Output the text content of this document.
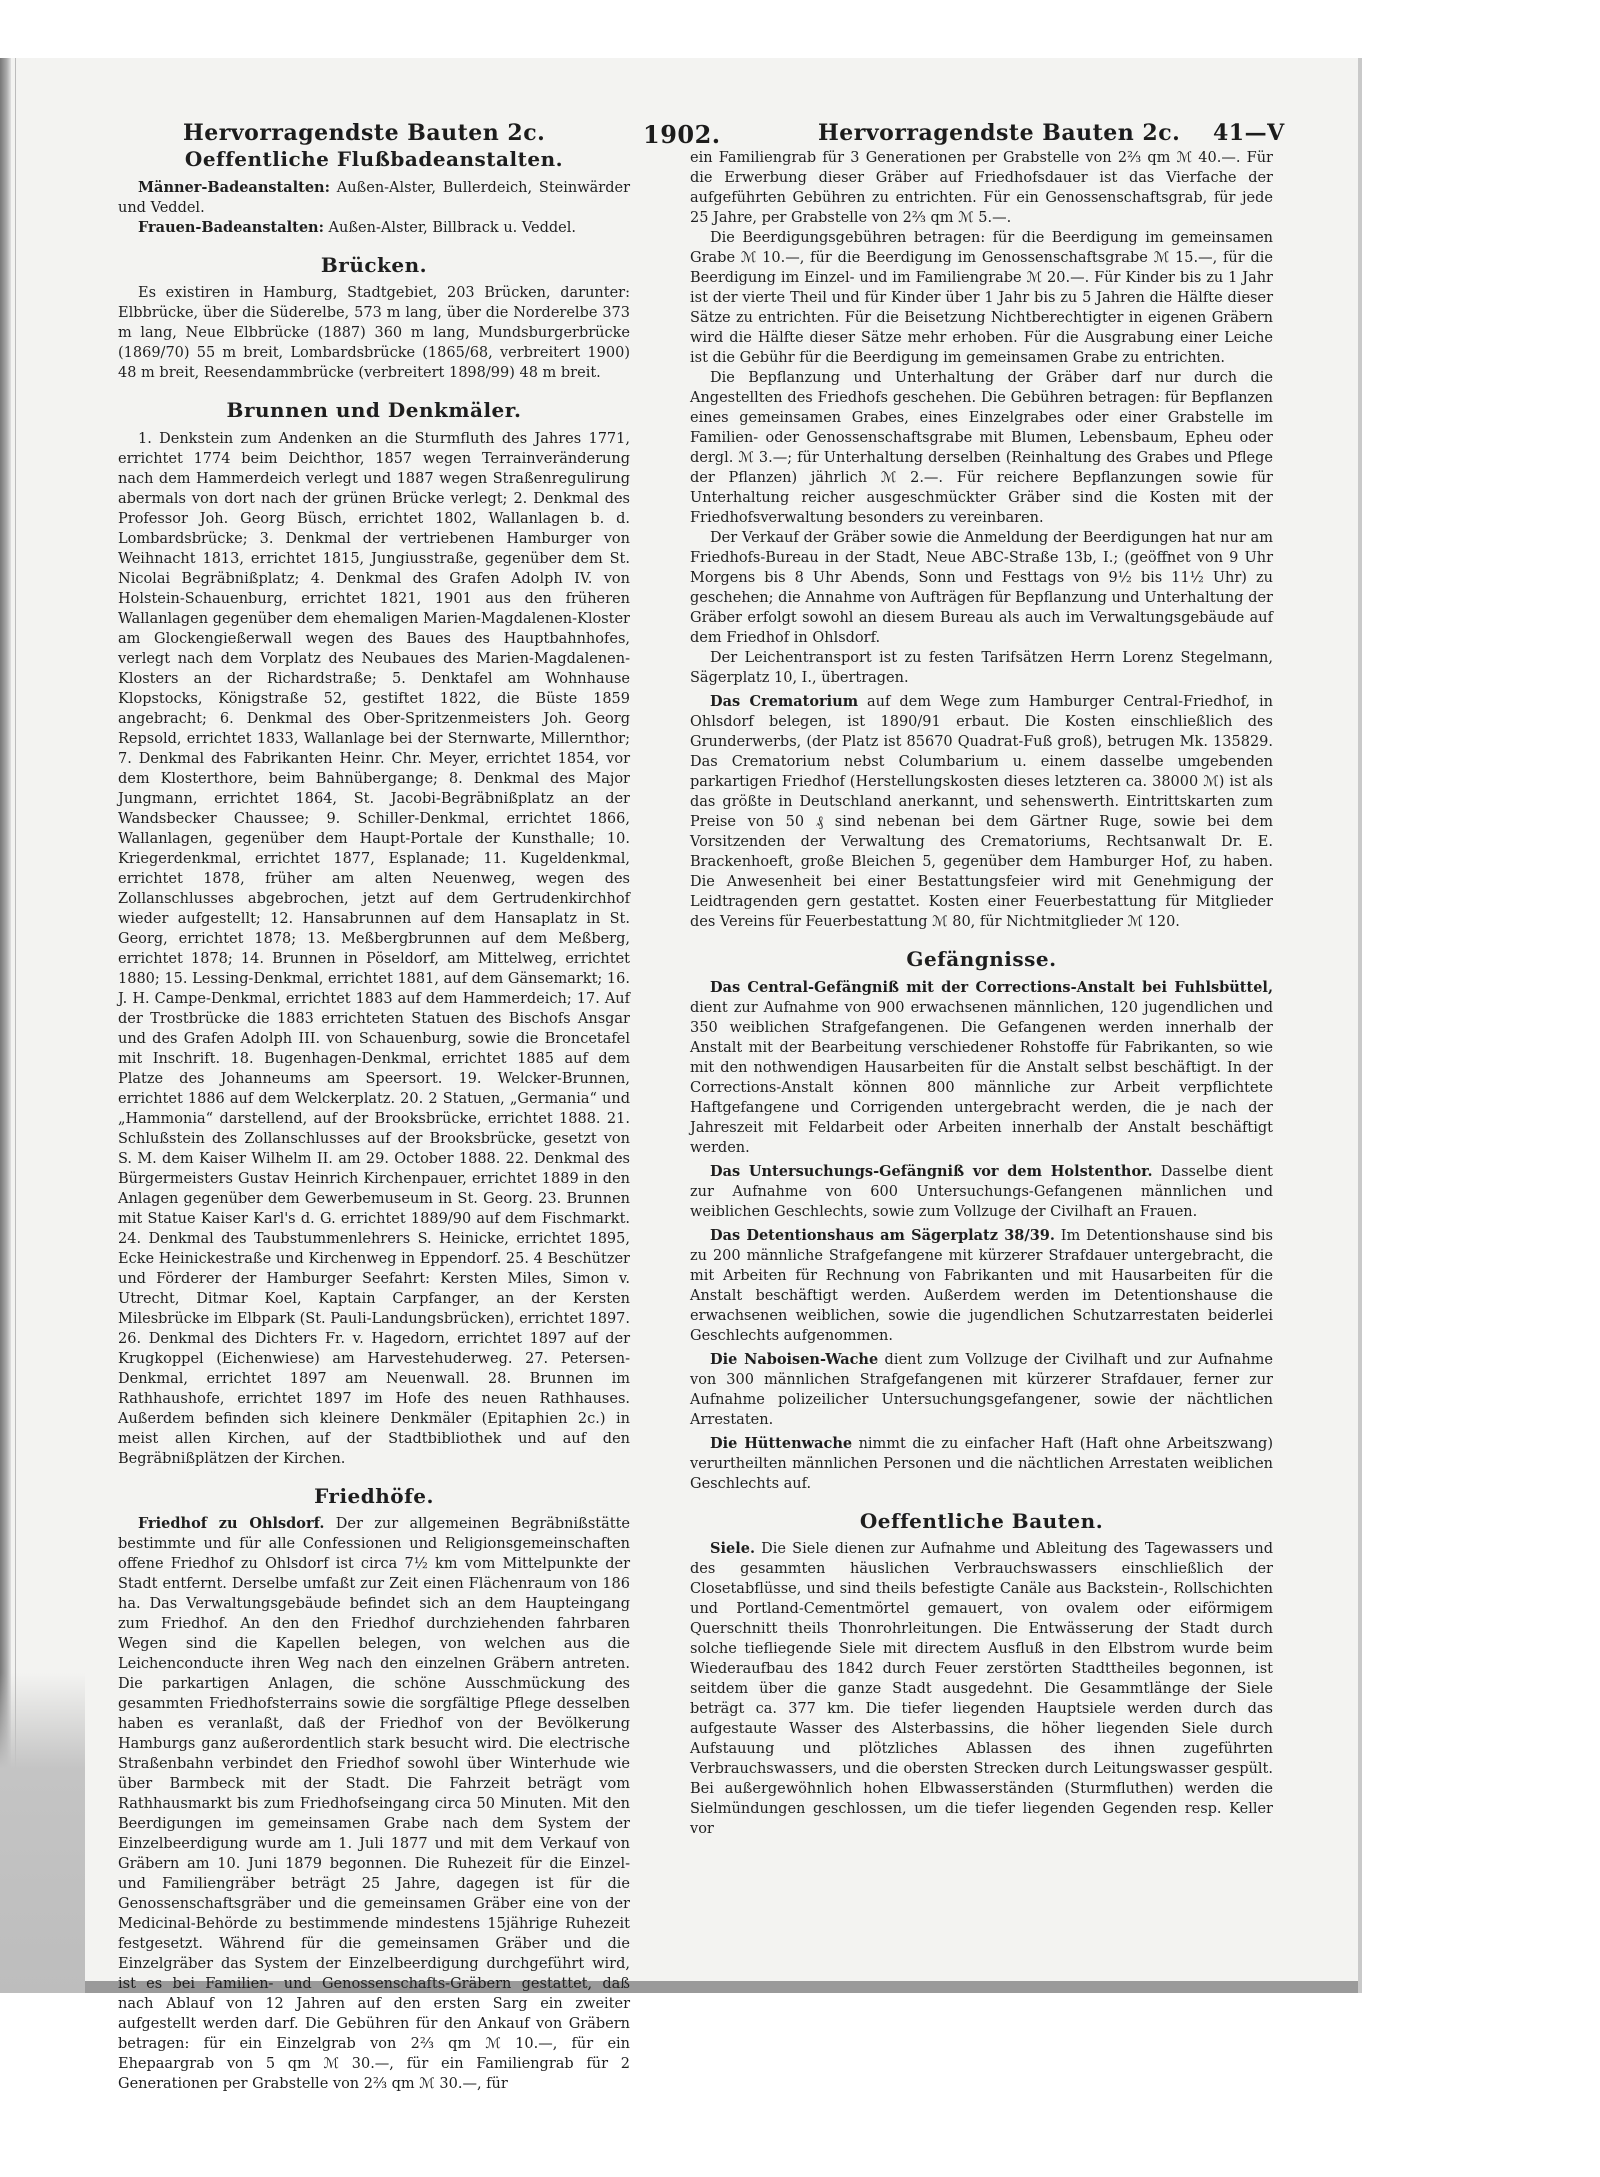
Hervorragendste Bauten 2c.	1902.	Hervorragendste Bauten 2c. 41—V
Oeffentliche Flußbadeanstalten.

Männer-Badeanstalten: Außen-Alster, Bullerdeich, Steinwärder und Veddel.

Frauen-Badeanstalten: Außen-Alster, Billbrack u. Veddel.

Brücken.

Es existiren in Hamburg, Stadtgebiet, 203 Brücken, darunter: Elbbrücke, über die Süderelbe, 573 m lang, über die Norderelbe 373 m lang, Neue Elbbrücke (1887) 360 m lang, Mundsburgerbrücke (1869/70) 55 m breit, Lombardsbrücke (1865/68, verbreitert 1900) 48 m breit, Reesendammbrücke (verbreitert 1898/99) 48 m breit.

Brunnen und Denkmäler.

1. Denkstein zum Andenken an die Sturmfluth des Jahres 1771, errichtet 1774 beim Deichthor, 1857 wegen Terrainveränderung nach dem Hammerdeich verlegt und 1887 wegen Straßenregulirung abermals von dort nach der grünen Brücke verlegt; 2. Denkmal des Professor Joh. Georg Büsch, errichtet 1802, Wallanlagen b. d. Lombardsbrücke; 3. Denkmal der vertriebenen Hamburger von Weihnacht 1813, errichtet 1815, Jungiusstraße, gegenüber dem St. Nicolai Begräbnißplatz; 4. Denkmal des Grafen Adolph IV. von Holstein-Schauenburg, errichtet 1821, 1901 aus den früheren Wallanlagen gegenüber dem ehemaligen Marien-Magdalenen-Kloster am Glockengießerwall wegen des Baues des Hauptbahnhofes, verlegt nach dem Vorplatz des Neubaues des Marien-Magdalenen-Klosters an der Richardstraße; 5. Denktafel am Wohnhause Klopstocks, Königstraße 52, gestiftet 1822, die Büste 1859 angebracht; 6. Denkmal des Ober-Spritzenmeisters Joh. Georg Repsold, errichtet 1833, Wallanlage bei der Sternwarte, Millernthor; 7. Denkmal des Fabrikanten Heinr. Chr. Meyer, errichtet 1854, vor dem Klosterthore, beim Bahnübergange; 8. Denkmal des Major Jungmann, errichtet 1864, St. Jacobi-Begräbnißplatz an der Wandsbecker Chaussee; 9. Schiller-Denkmal, errichtet 1866, Wallanlagen, gegenüber dem Haupt-Portale der Kunsthalle; 10. Kriegerdenkmal, errichtet 1877, Esplanade; 11. Kugeldenkmal, errichtet 1878, früher am alten Neuenweg, wegen des Zollanschlusses abgebrochen, jetzt auf dem Gertrudenkirchhof wieder aufgestellt; 12. Hansabrunnen auf dem Hansaplatz in St. Georg, errichtet 1878; 13. Meßbergbrunnen auf dem Meßberg, errichtet 1878; 14. Brunnen in Pöseldorf, am Mittelweg, errichtet 1880; 15. Lessing-Denkmal, errichtet 1881, auf dem Gänsemarkt; 16. J. H. Campe-Denkmal, errichtet 1883 auf dem Hammerdeich; 17. Auf der Trostbrücke die 1883 errichteten Statuen des Bischofs Ansgar und des Grafen Adolph III. von Schauenburg, sowie die Broncetafel mit Inschrift. 18. Bugenhagen-Denkmal, errichtet 1885 auf dem Platze des Johanneums am Speersort. 19. Welcker-Brunnen, errichtet 1886 auf dem Welckerplatz. 20. 2 Statuen, „Germania“ und „Hammonia“ darstellend, auf der Brooksbrücke, errichtet 1888. 21. Schlußstein des Zollanschlusses auf der Brooksbrücke, gesetzt von S. M. dem Kaiser Wilhelm II. am 29. October 1888. 22. Denkmal des Bürgermeisters Gustav Heinrich Kirchenpauer, errichtet 1889 in den Anlagen gegenüber dem Gewerbemuseum in St. Georg. 23. Brunnen mit Statue Kaiser Karl's d. G. errichtet 1889/90 auf dem Fischmarkt. 24. Denkmal des Taubstummenlehrers S. Heinicke, errichtet 1895, Ecke Heinickestraße und Kirchenweg in Eppendorf. 25. 4 Beschützer und Förderer der Hamburger Seefahrt: Kersten Miles, Simon v. Utrecht, Ditmar Koel, Kaptain Carpfanger, an der Kersten Milesbrücke im Elbpark (St. Pauli-Landungsbrücken), errichtet 1897. 26. Denkmal des Dichters Fr. v. Hagedorn, errichtet 1897 auf der Krugkoppel (Eichenwiese) am Harvestehuderweg. 27. Petersen-Denkmal, errichtet 1897 am Neuenwall. 28. Brunnen im Rathhaushofe, errichtet 1897 im Hofe des neuen Rathhauses. Außerdem befinden sich kleinere Denkmäler (Epitaphien 2c.) in meist allen Kirchen, auf der Stadtbibliothek und auf den Begräbnißplätzen der Kirchen.

Friedhöfe.

Friedhof zu Ohlsdorf. Der zur allgemeinen Begräbnißstätte bestimmte und für alle Confessionen und Religionsgemeinschaften offene Friedhof zu Ohlsdorf ist circa 7½ km vom Mittelpunkte der Stadt entfernt. Derselbe umfaßt zur Zeit einen Flächenraum von 186 ha. Das Verwaltungsgebäude befindet sich an dem Haupteingang zum Friedhof. An den den Friedhof durchziehenden fahrbaren Wegen sind die Kapellen belegen, von welchen aus die Leichenconducte ihren Weg nach den einzelnen Gräbern antreten. Die parkartigen Anlagen, die schöne Ausschmückung des gesammten Friedhofsterrains sowie die sorgfältige Pflege desselben haben es veranlaßt, daß der Friedhof von der Bevölkerung Hamburgs ganz außerordentlich stark besucht wird. Die electrische Straßenbahn verbindet den Friedhof sowohl über Winterhude wie über Barmbeck mit der Stadt. Die Fahrzeit beträgt vom Rathhausmarkt bis zum Friedhofseingang circa 50 Minuten. Mit den Beerdigungen im gemeinsamen Grabe nach dem System der Einzelbeerdigung wurde am 1. Juli 1877 und mit dem Verkauf von Gräbern am 10. Juni 1879 begonnen. Die Ruhezeit für die Einzel- und Familiengräber beträgt 25 Jahre, dagegen ist für die Genossenschaftsgräber und die gemeinsamen Gräber eine von der Medicinal-Behörde zu bestimmende mindestens 15jährige Ruhezeit festgesetzt. Während für die gemeinsamen Gräber und die Einzelgräber das System der Einzelbeerdigung durchgeführt wird, ist es bei Familien- und Genossenschafts-Gräbern gestattet, daß nach Ablauf von 12 Jahren auf den ersten Sarg ein zweiter aufgestellt werden darf. Die Gebühren für den Ankauf von Gräbern betragen: für ein Einzelgrab von 2⅔ qm ℳ 10.—, für ein Ehepaargrab von 5 qm ℳ 30.—, für ein Familiengrab für 2 Generationen per Grabstelle von 2⅔ qm ℳ 30.—, für

ein Familiengrab für 3 Generationen per Grabstelle von 2⅔ qm ℳ 40.—. Für die Erwerbung dieser Gräber auf Friedhofsdauer ist das Vierfache der aufgeführten Gebühren zu entrichten. Für ein Genossenschaftsgrab, für jede 25 Jahre, per Grabstelle von 2⅔ qm ℳ 5.—.

Die Beerdigungsgebühren betragen: für die Beerdigung im gemeinsamen Grabe ℳ 10.—, für die Beerdigung im Genossenschaftsgrabe ℳ 15.—, für die Beerdigung im Einzel- und im Familiengrabe ℳ 20.—. Für Kinder bis zu 1 Jahr ist der vierte Theil und für Kinder über 1 Jahr bis zu 5 Jahren die Hälfte dieser Sätze zu entrichten. Für die Beisetzung Nichtberechtigter in eigenen Gräbern wird die Hälfte dieser Sätze mehr erhoben. Für die Ausgrabung einer Leiche ist die Gebühr für die Beerdigung im gemeinsamen Grabe zu entrichten.

Die Bepflanzung und Unterhaltung der Gräber darf nur durch die Angestellten des Friedhofs geschehen. Die Gebühren betragen: für Bepflanzen eines gemeinsamen Grabes, eines Einzelgrabes oder einer Grabstelle im Familien- oder Genossenschaftsgrabe mit Blumen, Lebensbaum, Epheu oder dergl. ℳ 3.—; für Unterhaltung derselben (Reinhaltung des Grabes und Pflege der Pflanzen) jährlich ℳ 2.—. Für reichere Bepflanzungen sowie für Unterhaltung reicher ausgeschmückter Gräber sind die Kosten mit der Friedhofsverwaltung besonders zu vereinbaren.

Der Verkauf der Gräber sowie die Anmeldung der Beerdigungen hat nur am Friedhofs-Bureau in der Stadt, Neue ABC-Straße 13b, I.; (geöffnet von 9 Uhr Morgens bis 8 Uhr Abends, Sonn und Festtags von 9½ bis 11½ Uhr) zu geschehen; die Annahme von Aufträgen für Bepflanzung und Unterhaltung der Gräber erfolgt sowohl an diesem Bureau als auch im Verwaltungsgebäude auf dem Friedhof in Ohlsdorf.

Der Leichentransport ist zu festen Tarifsätzen Herrn Lorenz Stegelmann, Sägerplatz 10, I., übertragen.

Das Crematorium auf dem Wege zum Hamburger Central-Friedhof, in Ohlsdorf belegen, ist 1890/91 erbaut. Die Kosten einschließlich des Grunderwerbs, (der Platz ist 85670 Quadrat-Fuß groß), betrugen Mk. 135829. Das Crematorium nebst Columbarium u. einem dasselbe umgebenden parkartigen Friedhof (Herstellungskosten dieses letzteren ca. 38000 ℳ) ist als das größte in Deutschland anerkannt, und sehenswerth. Eintrittskarten zum Preise von 50 ₰ sind nebenan bei dem Gärtner Ruge, sowie bei dem Vorsitzenden der Verwaltung des Crematoriums, Rechtsanwalt Dr. E. Brackenhoeft, große Bleichen 5, gegenüber dem Hamburger Hof, zu haben. Die Anwesenheit bei einer Bestattungsfeier wird mit Genehmigung der Leidtragenden gern gestattet. Kosten einer Feuerbestattung für Mitglieder des Vereins für Feuerbestattung ℳ 80, für Nichtmitglieder ℳ 120.

Gefängnisse.

Das Central-Gefängniß mit der Corrections-Anstalt bei Fuhlsbüttel, dient zur Aufnahme von 900 erwachsenen männlichen, 120 jugendlichen und 350 weiblichen Strafgefangenen. Die Gefangenen werden innerhalb der Anstalt mit der Bearbeitung verschiedener Rohstoffe für Fabrikanten, so wie mit den nothwendigen Hausarbeiten für die Anstalt selbst beschäftigt. In der Corrections-Anstalt können 800 männliche zur Arbeit verpflichtete Haftgefangene und Corrigenden untergebracht werden, die je nach der Jahreszeit mit Feldarbeit oder Arbeiten innerhalb der Anstalt beschäftigt werden.

Das Untersuchungs-Gefängniß vor dem Holstenthor. Dasselbe dient zur Aufnahme von 600 Untersuchungs-Gefangenen männlichen und weiblichen Geschlechts, sowie zum Vollzuge der Civilhaft an Frauen.

Das Detentionshaus am Sägerplatz 38/39. Im Detentionshause sind bis zu 200 männliche Strafgefangene mit kürzerer Strafdauer untergebracht, die mit Arbeiten für Rechnung von Fabrikanten und mit Hausarbeiten für die Anstalt beschäftigt werden. Außerdem werden im Detentionshause die erwachsenen weiblichen, sowie die jugendlichen Schutzarrestaten beiderlei Geschlechts aufgenommen.

Die Naboisen-Wache dient zum Vollzuge der Civilhaft und zur Aufnahme von 300 männlichen Strafgefangenen mit kürzerer Strafdauer, ferner zur Aufnahme polizeilicher Untersuchungsgefangener, sowie der nächtlichen Arrestaten.

Die Hüttenwache nimmt die zu einfacher Haft (Haft ohne Arbeitszwang) verurtheilten männlichen Personen und die nächtlichen Arrestaten weiblichen Geschlechts auf.

Oeffentliche Bauten.

Siele. Die Siele dienen zur Aufnahme und Ableitung des Tagewassers und des gesammten häuslichen Verbrauchswassers einschließlich der Closetabflüsse, und sind theils befestigte Canäle aus Backstein-, Rollschichten und Portland-Cementmörtel gemauert, von ovalem oder eiförmigem Querschnitt theils Thonrohrleitungen. Die Entwässerung der Stadt durch solche tiefliegende Siele mit directem Ausfluß in den Elbstrom wurde beim Wiederaufbau des 1842 durch Feuer zerstörten Stadttheiles begonnen, ist seitdem über die ganze Stadt ausgedehnt. Die Gesammtlänge der Siele beträgt ca. 377 km. Die tiefer liegenden Hauptsiele werden durch das aufgestaute Wasser des Alsterbassins, die höher liegenden Siele durch Aufstauung und plötzliches Ablassen des ihnen zugeführten Verbrauchswassers, und die obersten Strecken durch Leitungswasser gespült. Bei außergewöhnlich hohen Elbwasserständen (Sturmfluthen) werden die Sielmündungen geschlossen, um die tiefer liegenden Gegenden resp. Keller vor
